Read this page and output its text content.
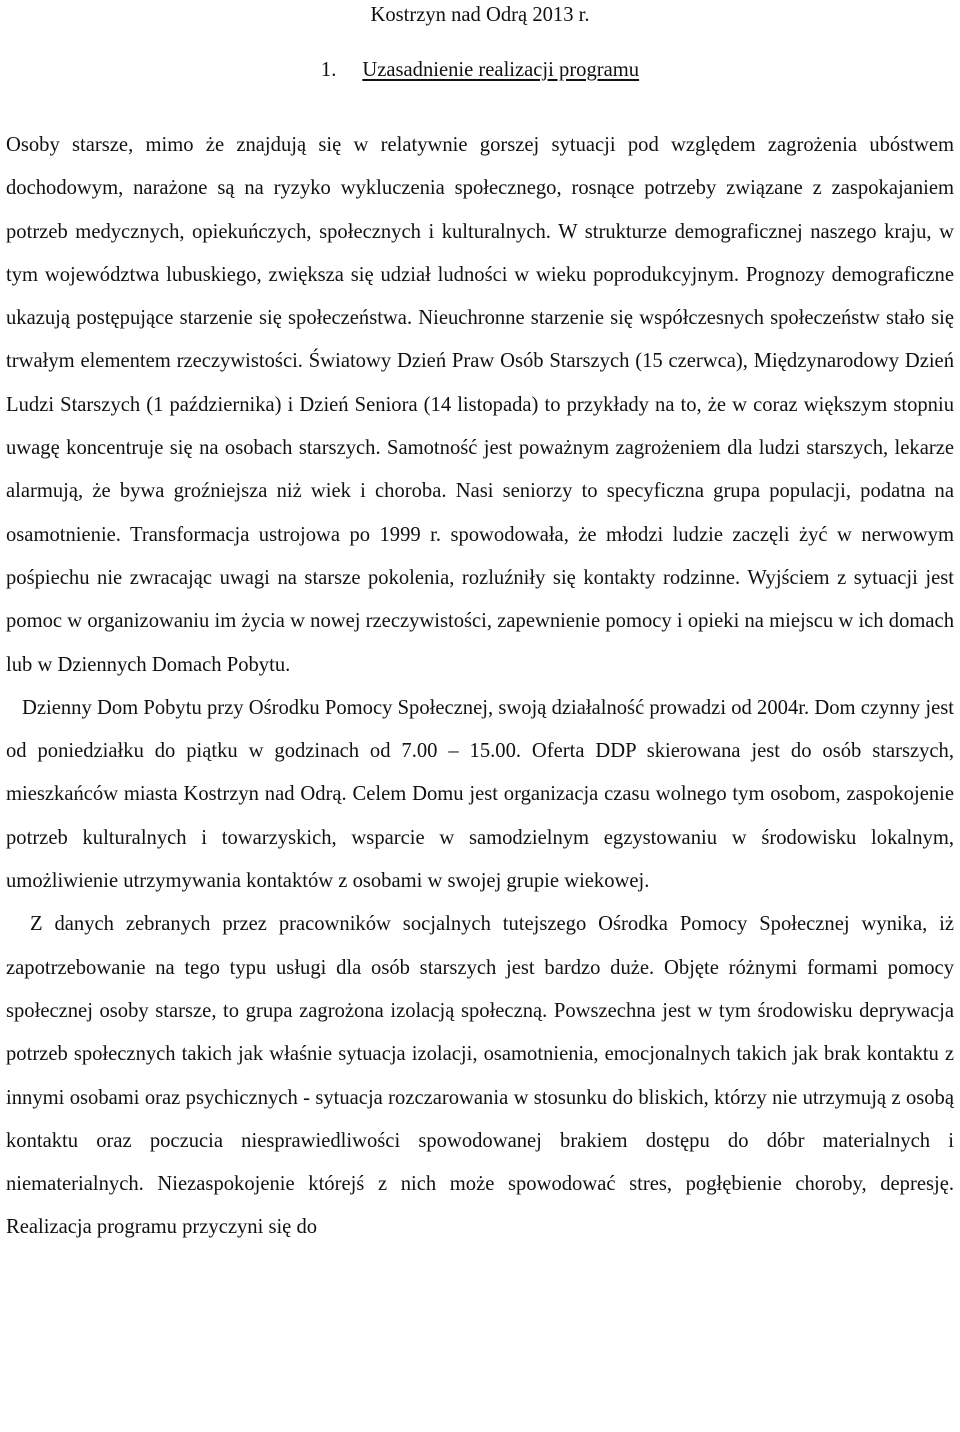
Kostrzyn nad Odrą 2013 r.

1. Uzasadnienie realizacji programu

Osoby starsze, mimo że znajdują się w relatywnie gorszej sytuacji pod względem zagrożenia ubóstwem dochodowym, narażone są na ryzyko wykluczenia społecznego, rosnące potrzeby związane z zaspokajaniem potrzeb medycznych, opiekuńczych, społecznych i kulturalnych. W strukturze demograficznej naszego kraju, w tym województwa lubuskiego, zwiększa się udział ludności w wieku poprodukcyjnym. Prognozy demograficzne ukazują postępujące starzenie się społeczeństwa. Nieuchronne starzenie się współczesnych społeczeństw stało się trwałym elementem rzeczywistości. Światowy Dzień Praw Osób Starszych (15 czerwca), Międzynarodowy Dzień Ludzi Starszych (1 października) i Dzień Seniora (14 listopada) to przykłady na to, że w coraz większym stopniu uwagę koncentruje się na osobach starszych. Samotność jest poważnym zagrożeniem dla ludzi starszych, lekarze alarmują, że bywa groźniejsza niż wiek i choroba. Nasi seniorzy to specyficzna grupa populacji, podatna na osamotnienie. Transformacja ustrojowa po 1999 r. spowodowała, że młodzi ludzie zaczęli żyć w nerwowym pośpiechu nie zwracając uwagi na starsze pokolenia, rozluźniły się kontakty rodzinne. Wyjściem z sytuacji jest pomoc w organizowaniu im życia w nowej rzeczywistości, zapewnienie pomocy i opieki na miejscu w ich domach lub w Dziennych Domach Pobytu.

Dzienny Dom Pobytu przy Ośrodku Pomocy Społecznej, swoją działalność prowadzi od 2004r. Dom czynny jest od poniedziałku do piątku w godzinach od 7.00 – 15.00. Oferta DDP skierowana jest do osób starszych, mieszkańców miasta Kostrzyn nad Odrą. Celem Domu jest organizacja czasu wolnego tym osobom, zaspokojenie potrzeb kulturalnych i towarzyskich, wsparcie w samodzielnym egzystowaniu w środowisku lokalnym, umożliwienie utrzymywania kontaktów z osobami w swojej grupie wiekowej.

Z danych zebranych przez pracowników socjalnych tutejszego Ośrodka Pomocy Społecznej wynika, iż zapotrzebowanie na tego typu usługi dla osób starszych jest bardzo duże. Objęte różnymi formami pomocy społecznej osoby starsze, to grupa zagrożona izolacją społeczną. Powszechna jest w tym środowisku deprywacja potrzeb społecznych takich jak właśnie sytuacja izolacji, osamotnienia, emocjonalnych takich jak brak kontaktu z innymi osobami oraz psychicznych - sytuacja rozczarowania w stosunku do bliskich, którzy nie utrzymują z osobą kontaktu oraz poczucia niesprawiedliwości spowodowanej brakiem dostępu do dóbr materialnych i niematerialnych. Niezaspokojenie którejś z nich może spowodować stres, pogłębienie choroby, depresję. Realizacja programu przyczyni się do
